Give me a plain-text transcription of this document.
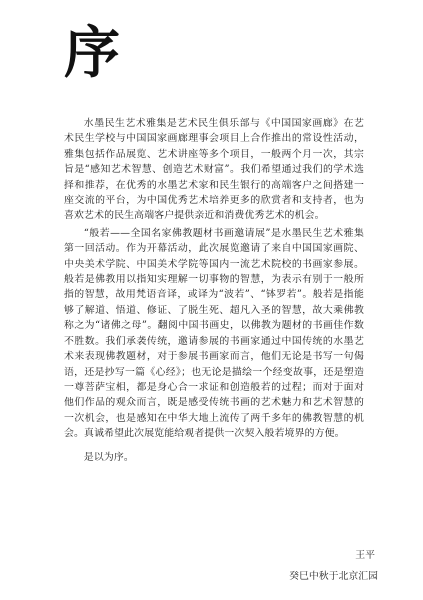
序

水墨民生艺术雅集是艺术民生俱乐部与《中国国家画廊》在艺术民生学校与中国国家画廊理事会项目上合作推出的常设性活动，雅集包括作品展览、艺术讲座等多个项目，一般两个月一次，其宗旨是“感知艺术智慧、创造艺术财富”。我们希望通过我们的学术选择和推荐，在优秀的水墨艺术家和民生银行的高端客户之间搭建一座交流的平台，为中国优秀艺术培养更多的欣赏者和支持者，也为喜欢艺术的民生高端客户提供亲近和消费优秀艺术的机会。

“般若——全国名家佛教题材书画邀请展”是水墨民生艺术雅集第一回活动。作为开幕活动，此次展览邀请了来自中国国家画院、中央美术学院、中国美术学院等国内一流艺术院校的书画家参展。般若是佛教用以指知实理解一切事物的智慧，为表示有别于一般所指的智慧，故用梵语音译，或译为“波若”、“钵罗若”。般若是指能够了解道、悟道、修证、了脱生死、超凡入圣的智慧，故大乘佛教称之为“诸佛之母”。翻阅中国书画史，以佛教为题材的书画佳作数不胜数。我们承袭传统，邀请参展的书画家通过中国传统的水墨艺术来表现佛教题材，对于参展书画家而言，他们无论是书写一句偈语，还是抄写一篇《心经》；也无论是描绘一个经变故事，还是塑造一尊菩萨宝相，都是身心合一求证和创造般若的过程；而对于面对他们作品的观众而言，既是感受传统书画的艺术魅力和艺术智慧的一次机会，也是感知在中华大地上流传了两千多年的佛教智慧的机会。真诚希望此次展览能给观者提供一次契入般若境界的方便。

是以为序。

王平
癸巳中秋于北京汇园
